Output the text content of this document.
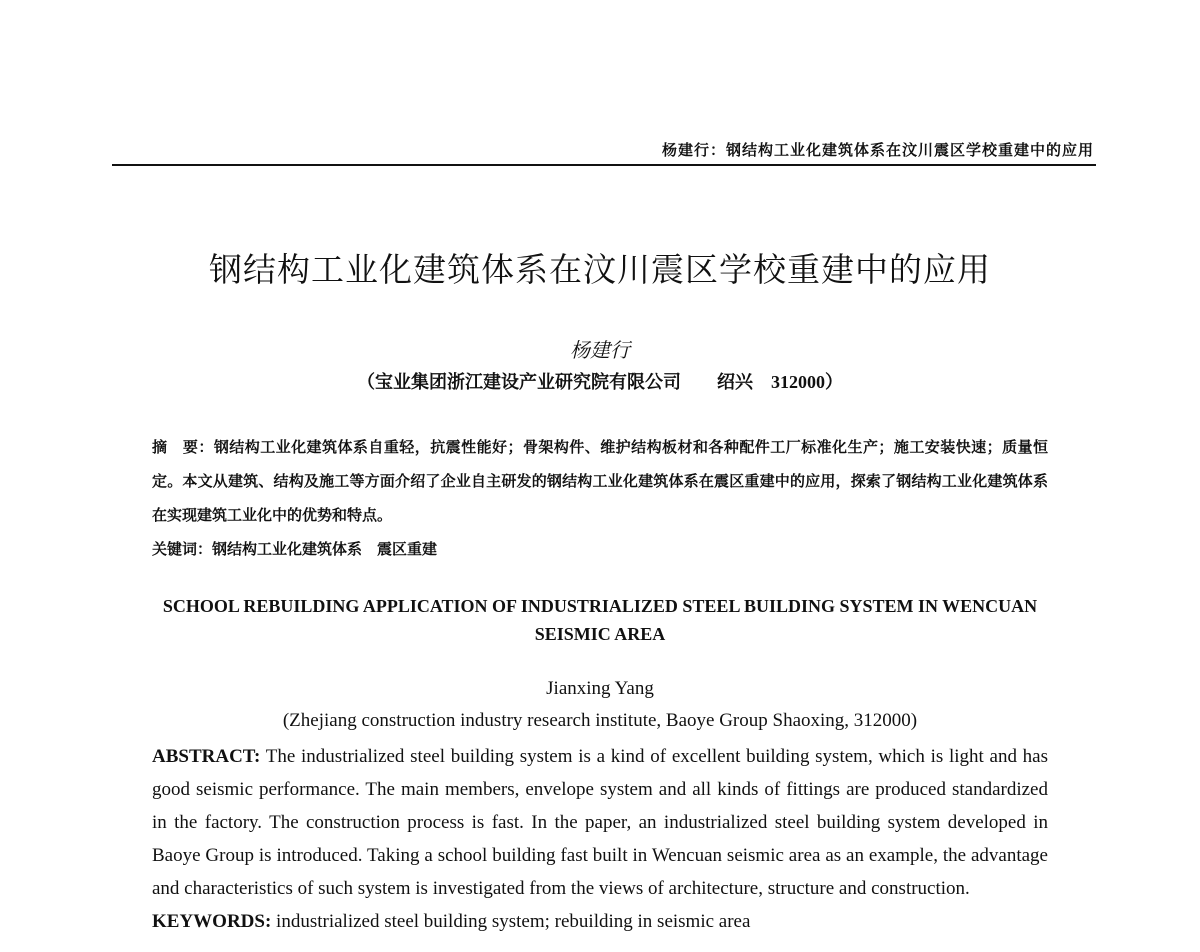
杨建行：钢结构工业化建筑体系在汶川震区学校重建中的应用
钢结构工业化建筑体系在汶川震区学校重建中的应用
杨建行
（宝业集团浙江建设产业研究院有限公司　　绍兴　312000）

摘　要：钢结构工业化建筑体系自重轻，抗震性能好；骨架构件、维护结构板材和各种配件工厂标准化生产；施工安装快速；质量恒定。本文从建筑、结构及施工等方面介绍了企业自主研发的钢结构工业化建筑体系在震区重建中的应用，探索了钢结构工业化建筑体系在实现建筑工业化中的优势和特点。

关键词：钢结构工业化建筑体系　震区重建

SCHOOL REBUILDING APPLICATION OF INDUSTRIALIZED STEEL BUILDING SYSTEM IN WENCUAN SEISMIC AREA
Jianxing Yang
(Zhejiang construction industry research institute, Baoye Group Shaoxing, 312000)

ABSTRACT: The industrialized steel building system is a kind of excellent building system, which is light and has good seismic performance. The main members, envelope system and all kinds of fittings are produced standardized in the factory. The construction process is fast. In the paper, an industrialized steel building system developed in Baoye Group is introduced. Taking a school building fast built in Wencuan seismic area as an example, the advantage and characteristics of such system is investigated from the views of architecture, structure and construction.

KEYWORDS: industrialized steel building system; rebuilding in seismic area
